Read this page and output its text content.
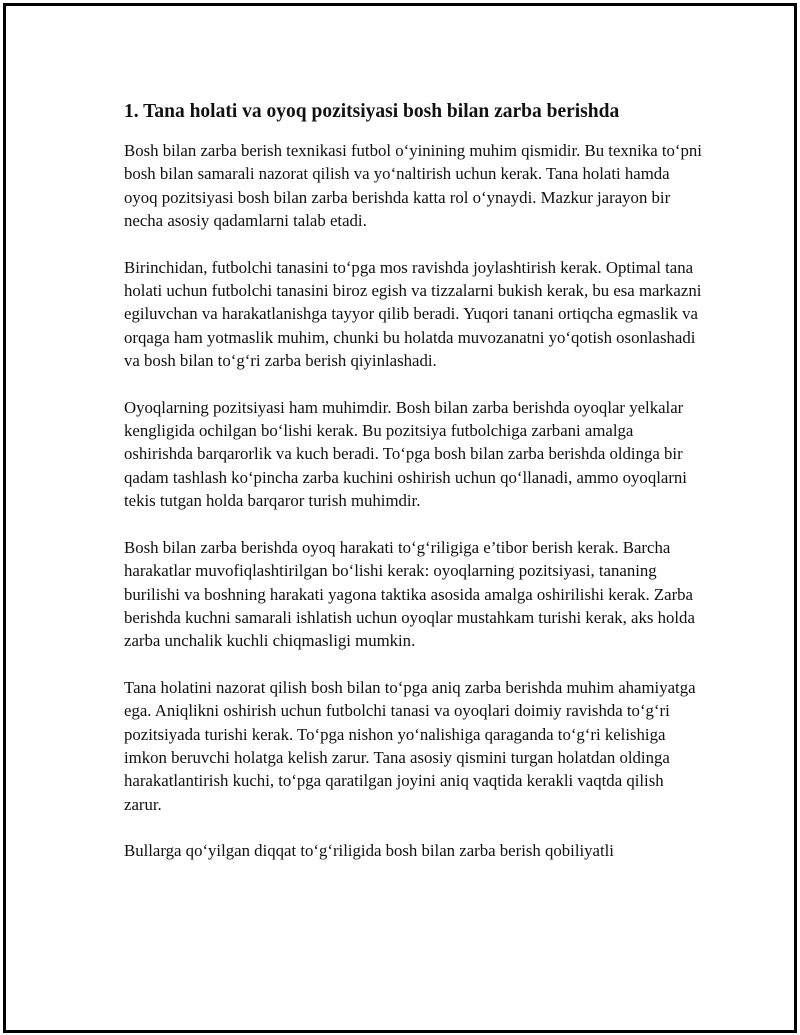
1. Tana holati va oyoq pozitsiyasi bosh bilan zarba berishda

Bosh bilan zarba berish texnikasi futbol o‘yinining muhim qismidir. Bu texnika to‘pni bosh bilan samarali nazorat qilish va yo‘naltirish uchun kerak. Tana holati hamda oyoq pozitsiyasi bosh bilan zarba berishda katta rol o‘ynaydi. Mazkur jarayon bir necha asosiy qadamlarni talab etadi.

Birinchidan, futbolchi tanasini to‘pga mos ravishda joylashtirish kerak. Optimal tana holati uchun futbolchi tanasini biroz egish va tizzalarni bukish kerak, bu esa markazni egiluvchan va harakatlanishga tayyor qilib beradi. Yuqori tanani ortiqcha egmaslik va orqaga ham yotmaslik muhim, chunki bu holatda muvozanatni yo‘qotish osonlashadi va bosh bilan to‘g‘ri zarba berish qiyinlashadi.

Oyoqlarning pozitsiyasi ham muhimdir. Bosh bilan zarba berishda oyoqlar yelkalar kengligida ochilgan bo‘lishi kerak. Bu pozitsiya futbolchiga zarbani amalga oshirishda barqarorlik va kuch beradi. To‘pga bosh bilan zarba berishda oldinga bir qadam tashlash ko‘pincha zarba kuchini oshirish uchun qo‘llanadi, ammo oyoqlarni tekis tutgan holda barqaror turish muhimdir.

Bosh bilan zarba berishda oyoq harakati to‘g‘riligiga e’tibor berish kerak. Barcha harakatlar muvofiqlashtirilgan bo‘lishi kerak: oyoqlarning pozitsiyasi, tananing burilishi va boshning harakati yagona taktika asosida amalga oshirilishi kerak. Zarba berishda kuchni samarali ishlatish uchun oyoqlar mustahkam turishi kerak, aks holda zarba unchalik kuchli chiqmasligi mumkin.

Tana holatini nazorat qilish bosh bilan to‘pga aniq zarba berishda muhim ahamiyatga ega. Aniqlikni oshirish uchun futbolchi tanasi va oyoqlari doimiy ravishda to‘g‘ri pozitsiyada turishi kerak. To‘pga nishon yo‘nalishiga qaraganda to‘g‘ri kelishiga imkon beruvchi holatga kelish zarur. Tana asosiy qismini turgan holatdan oldinga harakatlantirish kuchi, to‘pga qaratilgan joyini aniq vaqtida kerakli vaqtda qilish zarur.

Bullarga qo‘yilgan diqqat to‘g‘riligida bosh bilan zarba berish qobiliyatli
